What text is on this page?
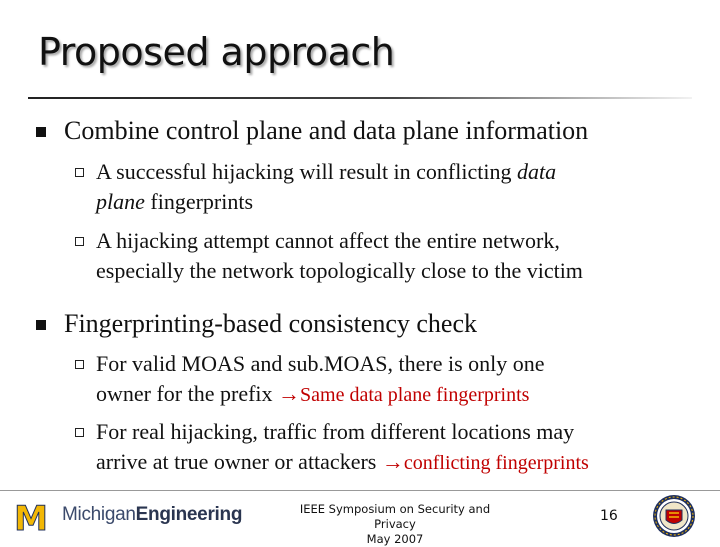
Proposed approach
Combine control plane and data plane information
A successful hijacking will result in conflicting data
plane fingerprints
A hijacking attempt cannot affect the entire network,
especially the network topologically close to the victim
Fingerprinting-based consistency check
For valid MOAS and sub.MOAS, there is only one
owner for the prefix →Same data plane fingerprints
For real hijacking, traffic from different locations may
arrive at true owner or attackers →conflicting fingerprints
M MichiganEngineering	IEEE Symposium on Security and Privacy
May 2007
16
